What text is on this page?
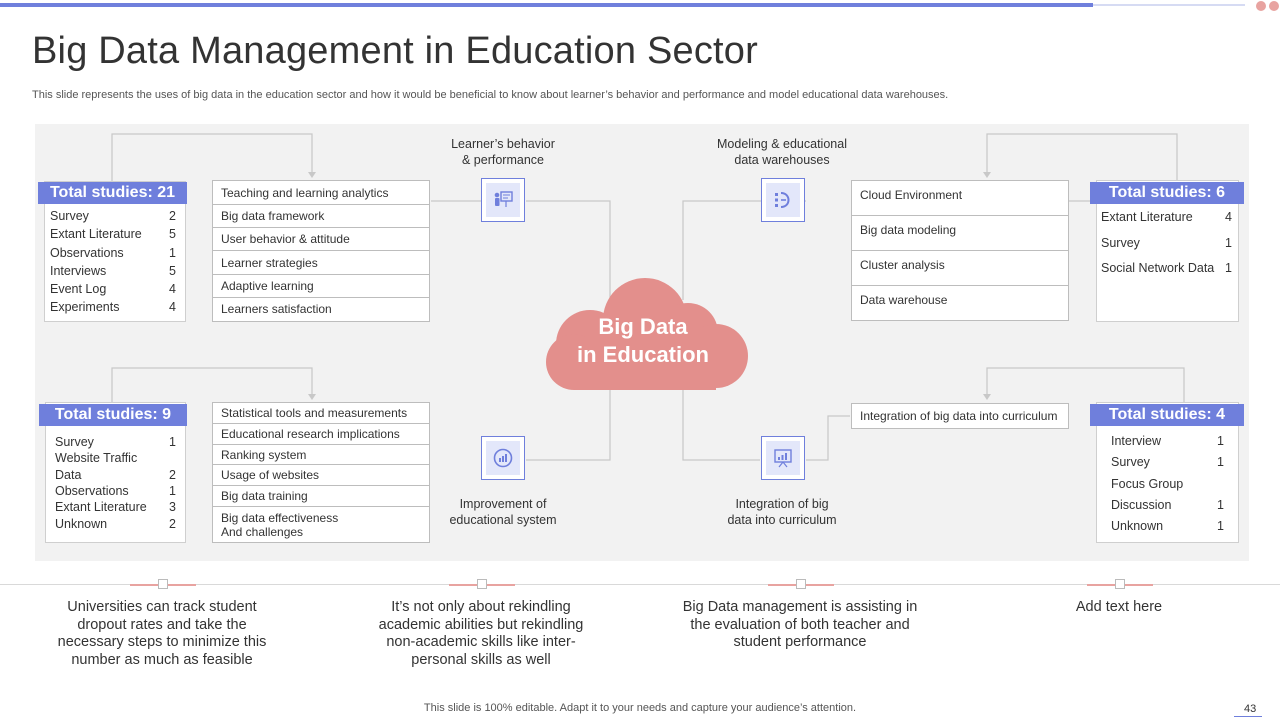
Big Data Management in Education Sector
This slide represents the uses of big data in the education sector and how it would be beneficial to know about learner’s behavior and performance and model educational data warehouses.
Big Data
in Education
Total studies: 21
Survey	2
Extant Literature 5
Observations	1
Interviews	5
Event Log	4
Experiments	4
Teaching and learning analytics
Big data framework
User behavior & attitude
Learner strategies
Adaptive learning
Learners satisfaction
Learner’s behavior
& performance
Modeling & educational
data warehouses
Cloud Environment
Big data modeling
Cluster analysis
Data warehouse
Total studies: 6
Extant Literature	4
Survey	1
Social Network Data 1
Total studies: 9
Survey	1
Website Traffic
Data	2
Observations	1
Extant Literature 3
Unknown	2
Statistical tools and measurements
Educational research implications
Ranking system
Usage of websites
Big data training
Big data effectiveness
And challenges
Improvement of
educational system
Integration of big
data into curriculum
Integration of big data into curriculum	Total studies: 4
Interview	1
Survey	1
Focus Group
Discussion	1
Unknown	1
Universities can track student
dropout rates and take the
necessary steps to minimize this
number as much as feasible
It’s not only about rekindling
academic abilities but rekindling
non-academic skills like inter-
personal skills as well
Big Data management is assisting in
the evaluation of both teacher and
student performance
Add text here
This slide is 100% editable. Adapt it to your needs and capture your audience’s attention.	43
